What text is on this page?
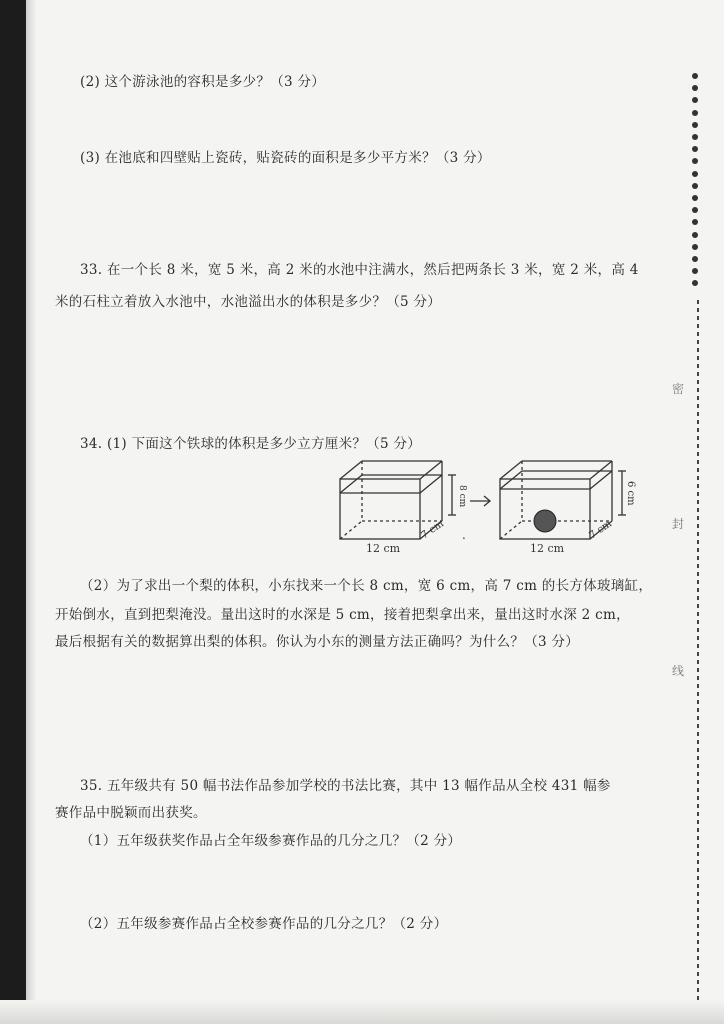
(2) 这个游泳池的容积是多少？（3 分）
(3) 在池底和四壁贴上瓷砖，贴瓷砖的面积是多少平方米？（3 分）
33. 在一个长 8 米，宽 5 米，高 2 米的水池中注满水，然后把两条长 3 米，宽 2 米，高 4
米的石柱立着放入水池中，水池溢出水的体积是多少？（5 分）
34. (1) 下面这个铁球的体积是多少立方厘米？（5 分）
12 cm
7 cm
8 cm
12 cm
7 cm
6 cm
.
（2）为了求出一个梨的体积，小东找来一个长 8 cm，宽 6 cm，高 7 cm 的长方体玻璃缸，
开始倒水，直到把梨淹没。量出这时的水深是 5 cm，接着把梨拿出来，量出这时水深 2 cm，
最后根据有关的数据算出梨的体积。你认为小东的测量方法正确吗？为什么？（3 分）
35. 五年级共有 50 幅书法作品参加学校的书法比赛，其中 13 幅作品从全校 431 幅参
赛作品中脱颖而出获奖。
（1）五年级获奖作品占全年级参赛作品的几分之几？（2 分）
（2）五年级参赛作品占全校参赛作品的几分之几？（2 分）
密
封
线
